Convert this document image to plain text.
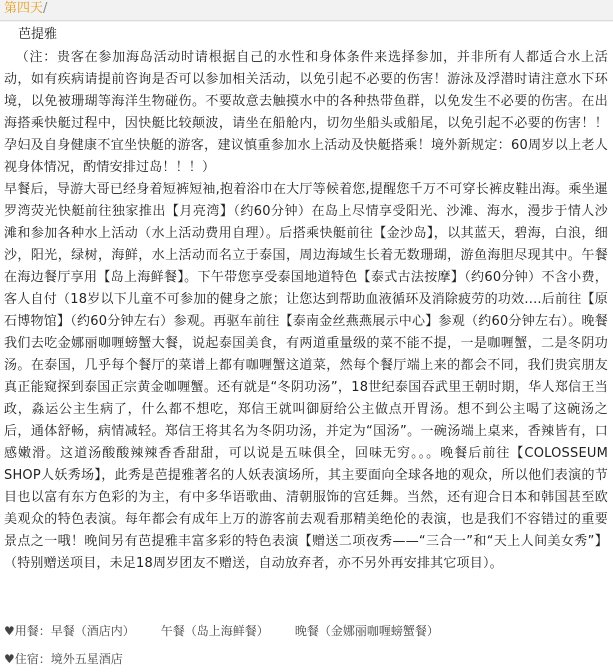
第四天/
芭提雅

（注：贵客在参加海岛活动时请根据自己的水性和身体条件来选择参加，并非所有人都适合水上活动，如有疾病请提前咨询是否可以参加相关活动，以免引起不必要的伤害！游泳及浮潜时请注意水下环境，以免被珊瑚等海洋生物碰伤。不要故意去触摸水中的各种热带鱼群，以免发生不必要的伤害。在出海搭乘快艇过程中，因快艇比较颠波，请坐在船舱内，切勿坐船头或船尾，以免引起不必要的伤害！！孕妇及自身健康不宜坐快艇的游客，建议慎重参加水上活动及快艇搭乘！境外新规定：60周岁以上老人视身体情况，酌情安排过岛！！！）

早餐后，导游大哥已经身着短裤短袖,抱着浴巾在大厅等候着您,提醒您千万不可穿长裤皮鞋出海。乘坐暹罗湾荧光快艇前往独家推出【月亮湾】（约60分钟）在岛上尽情享受阳光、沙滩、海水，漫步于情人沙滩和参加各种水上活动（水上活动费用自理）。后搭乘快艇前往【金沙岛】，以其蓝天，碧海，白浪，细沙，阳光，绿树，海鲜，水上活动而名立于泰国，周边海域生长着无数珊瑚，游鱼海胆尽现其中。午餐在海边餐厅享用【岛上海鲜餐】。下午带您享受泰国地道特色【泰式古法按摩】（约60分钟）不含小费，客人自付（18岁以下儿童不可参加的健身之旅；让您达到帮助血液循环及消除疲劳的功效....后前往【原石博物馆】（约60分钟左右）参观。再驱车前往【泰南金丝燕燕展示中心】参观（约60分钟左右）。晚餐我们去吃金娜丽咖喱螃蟹大餐，说起泰国美食，有两道重量级的菜不能不提，一是咖喱蟹，二是冬阴功汤。在泰国，几乎每个餐厅的菜谱上都有咖喱蟹这道菜，然每个餐厅端上来的都会不同，我们贵宾朋友真正能窥探到泰国正宗黄金咖喱蟹。还有就是“冬阴功汤”，18世纪泰国吞武里王朝时期，华人郑信王当政，淼运公主生病了，什么都不想吃，郑信王就叫御厨给公主做点开胃汤。想不到公主喝了这碗汤之后，通体舒畅，病情减轻。郑信王将其名为冬阴功汤，并定为“国汤”。一碗汤端上桌来，香辣皆有，口感嫩滑。这道汤酸酸辣辣香香甜甜，可以说是五味俱全，回味无穷。。。晚餐后前往【COLOSSEUM SHOP人妖秀场】，此秀是芭提雅著名的人妖表演场所，其主要面向全球各地的观众，所以他们表演的节目也以富有东方色彩的为主，有中多华语歌曲、清朝服饰的宫廷舞。当然，还有迎合日本和韩国甚至欧美观众的特色表演。每年都会有成年上万的游客前去观看那精美绝伦的表演，也是我们不容错过的重要景点之一哦！晚间另有芭提雅丰富多彩的特色表演【赠送二项夜秀——“三合一”和“天上人间美女秀”】（特别赠送项目，未足18周岁团友不赠送，自动放弃者，亦不另外再安排其它项目）。

♥用餐：早餐（酒店内） 午餐（岛上海鲜餐） 晚餐（金娜丽咖喱螃蟹餐）
♥住宿：境外五星酒店
